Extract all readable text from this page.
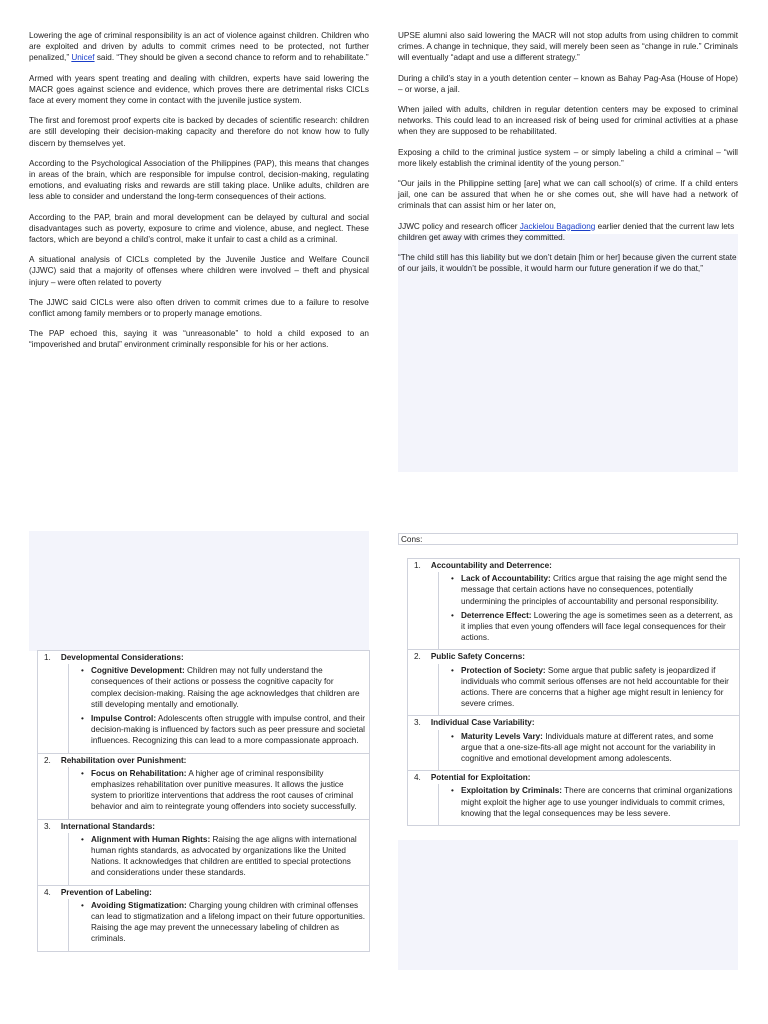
Lowering the age of criminal responsibility is an act of violence against children. Children who are exploited and driven by adults to commit crimes need to be protected, not further penalized,” Unicef said. “They should be given a second chance to reform and to rehabilitate.”

Armed with years spent treating and dealing with children, experts have said lowering the MACR goes against science and evidence, which proves there are detrimental risks CICLs face at every moment they come in contact with the juvenile justice system.

The first and foremost proof experts cite is backed by decades of scientific research: children are still developing their decision-making capacity and therefore do not know how to fully discern by themselves yet.

According to the Psychological Association of the Philippines (PAP), this means that changes in areas of the brain, which are responsible for impulse control, decision-making, regulating emotions, and evaluating risks and rewards are still taking place. Unlike adults, children are less able to consider and understand the long-term consequences of their actions.

According to the PAP, brain and moral development can be delayed by cultural and social disadvantages such as poverty, exposure to crime and violence, abuse, and neglect. These factors, which are beyond a child’s control, make it unfair to cast a child as a criminal.

A situational analysis of CICLs completed by the Juvenile Justice and Welfare Council (JJWC) said that a majority of offenses where children were involved – theft and physical injury – were often related to poverty

The JJWC said CICLs were also often driven to commit crimes due to a failure to resolve conflict among family members or to properly manage emotions.

The PAP echoed this, saying it was “unreasonable” to hold a child exposed to an “impoverished and brutal” environment criminally responsible for his or her actions.

UPSE alumni also said lowering the MACR will not stop adults from using children to commit crimes. A change in technique, they said, will merely been seen as “change in rule.” Criminals will eventually “adapt and use a different strategy.”

During a child’s stay in a youth detention center – known as Bahay Pag-Asa (House of Hope) – or worse, a jail.

When jailed with adults, children in regular detention centers may be exposed to criminal networks. This could lead to an increased risk of being used for criminal activities at a phase when they are supposed to be rehabilitated.

Exposing a child to the criminal justice system – or simply labeling a child a criminal – “will more likely establish the criminal identity of the young person.”

“Our jails in the Philippine setting [are] what we can call school(s) of crime. If a child enters jail, one can be assured that when he or she comes out, she will have had a network of criminals that can assist him or her later on,

JJWC policy and research officer Jackielou Bagadiong earlier denied that the current law lets children get away with crimes they committed.

“The child still has this liability but we don’t detain [him or her] because given the current state of our jails, it wouldn’t be possible, it would harm our future generation if we do that,”

1. Developmental Considerations:
• Cognitive Development: Children may not fully understand the consequences of their actions or possess the cognitive capacity for complex decision-making. Raising the age acknowledges that children are still developing mentally and emotionally.
• Impulse Control: Adolescents often struggle with impulse control, and their decision-making is influenced by factors such as peer pressure and societal influences. Recognizing this can lead to a more compassionate approach.
2. Rehabilitation over Punishment:
• Focus on Rehabilitation: A higher age of criminal responsibility emphasizes rehabilitation over punitive measures. It allows the justice system to prioritize interventions that address the root causes of criminal behavior and aim to reintegrate young offenders into society successfully.
3. International Standards:
• Alignment with Human Rights: Raising the age aligns with international human rights standards, as advocated by organizations like the United Nations. It acknowledges that children are entitled to special protections and considerations under these standards.
4. Prevention of Labeling:
• Avoiding Stigmatization: Charging young children with criminal offenses can lead to stigmatization and a lifelong impact on their future opportunities. Raising the age may prevent the unnecessary labeling of children as criminals.
Cons:
1. Accountability and Deterrence:
• Lack of Accountability: Critics argue that raising the age might send the message that certain actions have no consequences, potentially undermining the principles of accountability and personal responsibility.
• Deterrence Effect: Lowering the age is sometimes seen as a deterrent, as it implies that even young offenders will face legal consequences for their actions.
2. Public Safety Concerns:
• Protection of Society: Some argue that public safety is jeopardized if individuals who commit serious offenses are not held accountable for their actions. There are concerns that a higher age might result in leniency for severe crimes.
3. Individual Case Variability:
• Maturity Levels Vary: Individuals mature at different rates, and some argue that a one-size-fits-all age might not account for the variability in cognitive and emotional development among adolescents.
4. Potential for Exploitation:
• Exploitation by Criminals: There are concerns that criminal organizations might exploit the higher age to use younger individuals to commit crimes, knowing that the legal consequences may be less severe.
